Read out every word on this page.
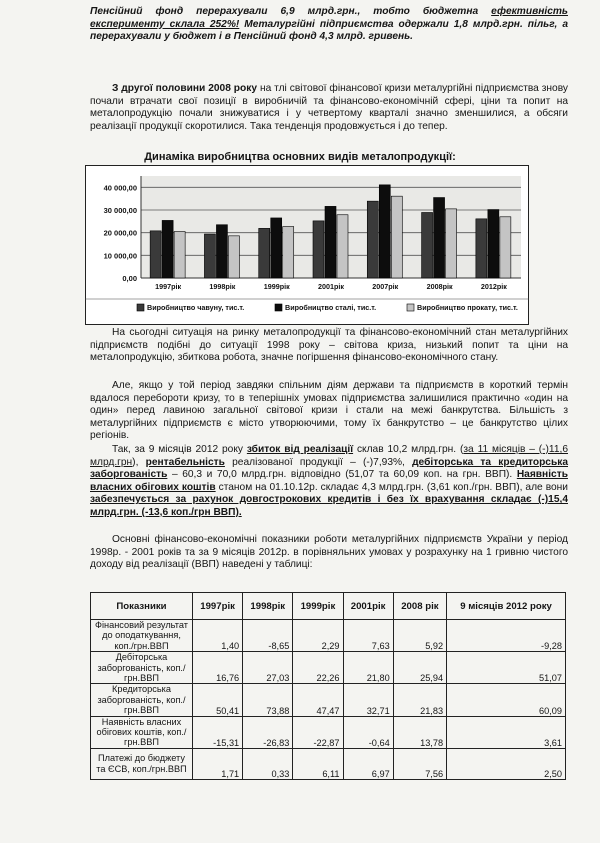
Пенсійний фонд перерахували 6,9 млрд.грн., тобто бюджетна ефективність експерименту склала 252%! Металургійні підприємства одержали 1,8 млрд.грн. пільг, а перерахували у бюджет і в Пенсійний фонд 4,3 млрд. гривень.

З другої половини 2008 року на тлі світової фінансової кризи металургійні підприємства знову почали втрачати свої позиції в виробничій та фінансово-економічній сфері, ціни та попит на металопродукцію почали знижуватися і у четвертому кварталі значно зменшилися, а обсяги реалізації продукції скоротилися. Така тенденція продовжується і до тепер.

Динаміка виробництва основних видів металопродукції:
0,00
10 000,00
20 000,00
30 000,00
40 000,00
1997рік	1998рік	1999рік	2001рік	2007рік	2008рік	2012рік
Виробництво чавуну, тис.т.	Виробництво сталі, тис.т.	Виробництво прокату, тис.т.

На сьогодні ситуація на ринку металопродукції та фінансово-економічний стан металургійних підприємств подібні до ситуації 1998 року – світова криза, низький попит та ціни на металопродукцію, збиткова робота, значне погіршення фінансово-економічного стану.

Але, якщо у той період завдяки спільним діям держави та підприємств в короткий термін вдалося перебороти кризу, то в теперішніх умовах підприємства залишилися практично «один на один» перед лавиною загальної світової кризи і стали на межі банкрутства. Більшість з металургійних підприємств є місто утворюючими, тому їх банкрутство – це банкрутство цілих регіонів.

Так, за 9 місяців 2012 року збиток від реалізації склав 10,2 млрд.грн. (за 11 місяців – (-)11,6 млрд.грн), рентабельність реалізованої продукції – (-)7,93%, дебіторська та кредиторська заборгованість – 60,3 и 70,0 млрд.грн. відповідно (51,07 та 60,09 коп. на грн. ВВП). Наявність власних обігових коштів станом на 01.10.12р. складає 4,3 млрд.грн. (3,61 коп./грн. ВВП), але вони забезпечується за рахунок довгострокових кредитів і без їх врахування складає (-)15,4 млрд.грн. (-13,6 коп./грн ВВП).

Основні фінансово-економічні показники роботи металургійних підприємств України у період 1998р. - 2001 років та за 9 місяців 2012р. в порівняльних умовах у розрахунку на 1 гривню чистого доходу від реалізації (ВВП) наведені у таблиці:

Показники	1997рік	1998рік	1999рік	2001рік	2008 рік	9 місяців 2012 року
Фінансовий результат до оподаткування, коп./грн.ВВП	1,40	-8,65	2,29	7,63	5,92	-9,28
Дебіторська заборгованість, коп./грн.ВВП	16,76	27,03	22,26	21,80	25,94	51,07
Кредиторська заборгованість, коп./грн.ВВП	50,41	73,88	47,47	32,71	21,83	60,09
Наявність власних обігових коштів, коп./грн.ВВП	-15,31	-26,83	-22,87	-0,64	13,78	3,61
Платежі до бюджету та ЄСВ, коп./грн.ВВП	1,71	0,33	6,11	6,97	7,56	2,50
